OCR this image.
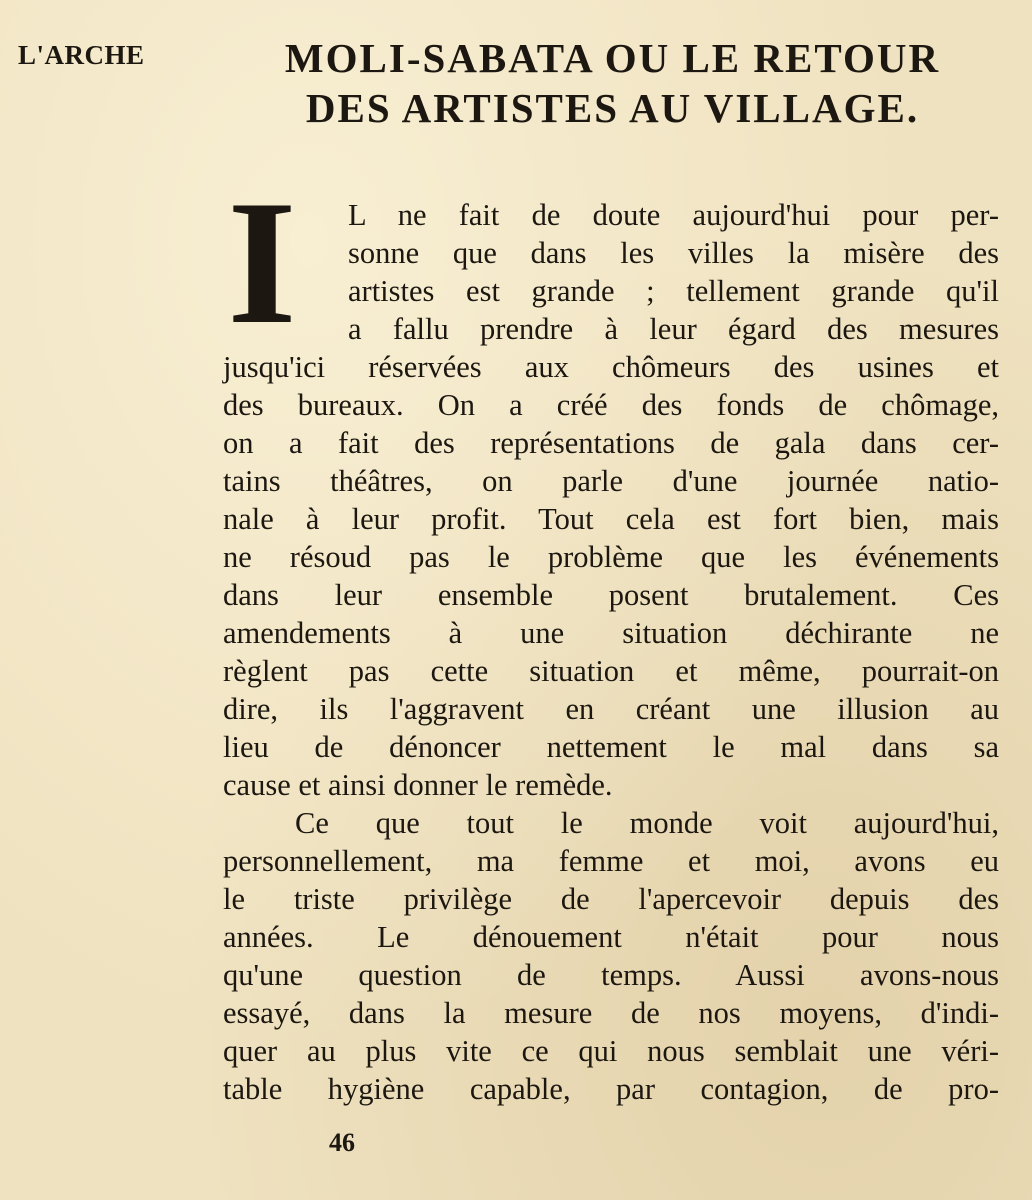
L'ARCHE	MOLI-SABATA OU LE RETOUR
DES ARTISTES AU VILLAGE.
I	L ne fait de doute aujourd'hui pour per-
sonne que dans les villes la misère des
artistes est grande ; tellement grande qu'il
a fallu prendre à leur égard des mesures
jusqu'ici réservées aux chômeurs des usines et
des bureaux. On a créé des fonds de chômage,
on a fait des représentations de gala dans cer-
tains théâtres, on parle d'une journée natio-
nale à leur profit. Tout cela est fort bien, mais
ne résoud pas le problème que les événements
dans leur ensemble posent brutalement. Ces
amendements à une situation déchirante ne
règlent pas cette situation et même, pourrait-on
dire, ils l'aggravent en créant une illusion au
lieu de dénoncer nettement le mal dans sa
cause et ainsi donner le remède.
Ce que tout le monde voit aujourd'hui,
personnellement, ma femme et moi, avons eu
le triste privilège de l'apercevoir depuis des
années. Le dénouement n'était pour nous
qu'une question de temps. Aussi avons-nous
essayé, dans la mesure de nos moyens, d'indi-
quer au plus vite ce qui nous semblait une véri-
table hygiène capable, par contagion, de pro-
46
